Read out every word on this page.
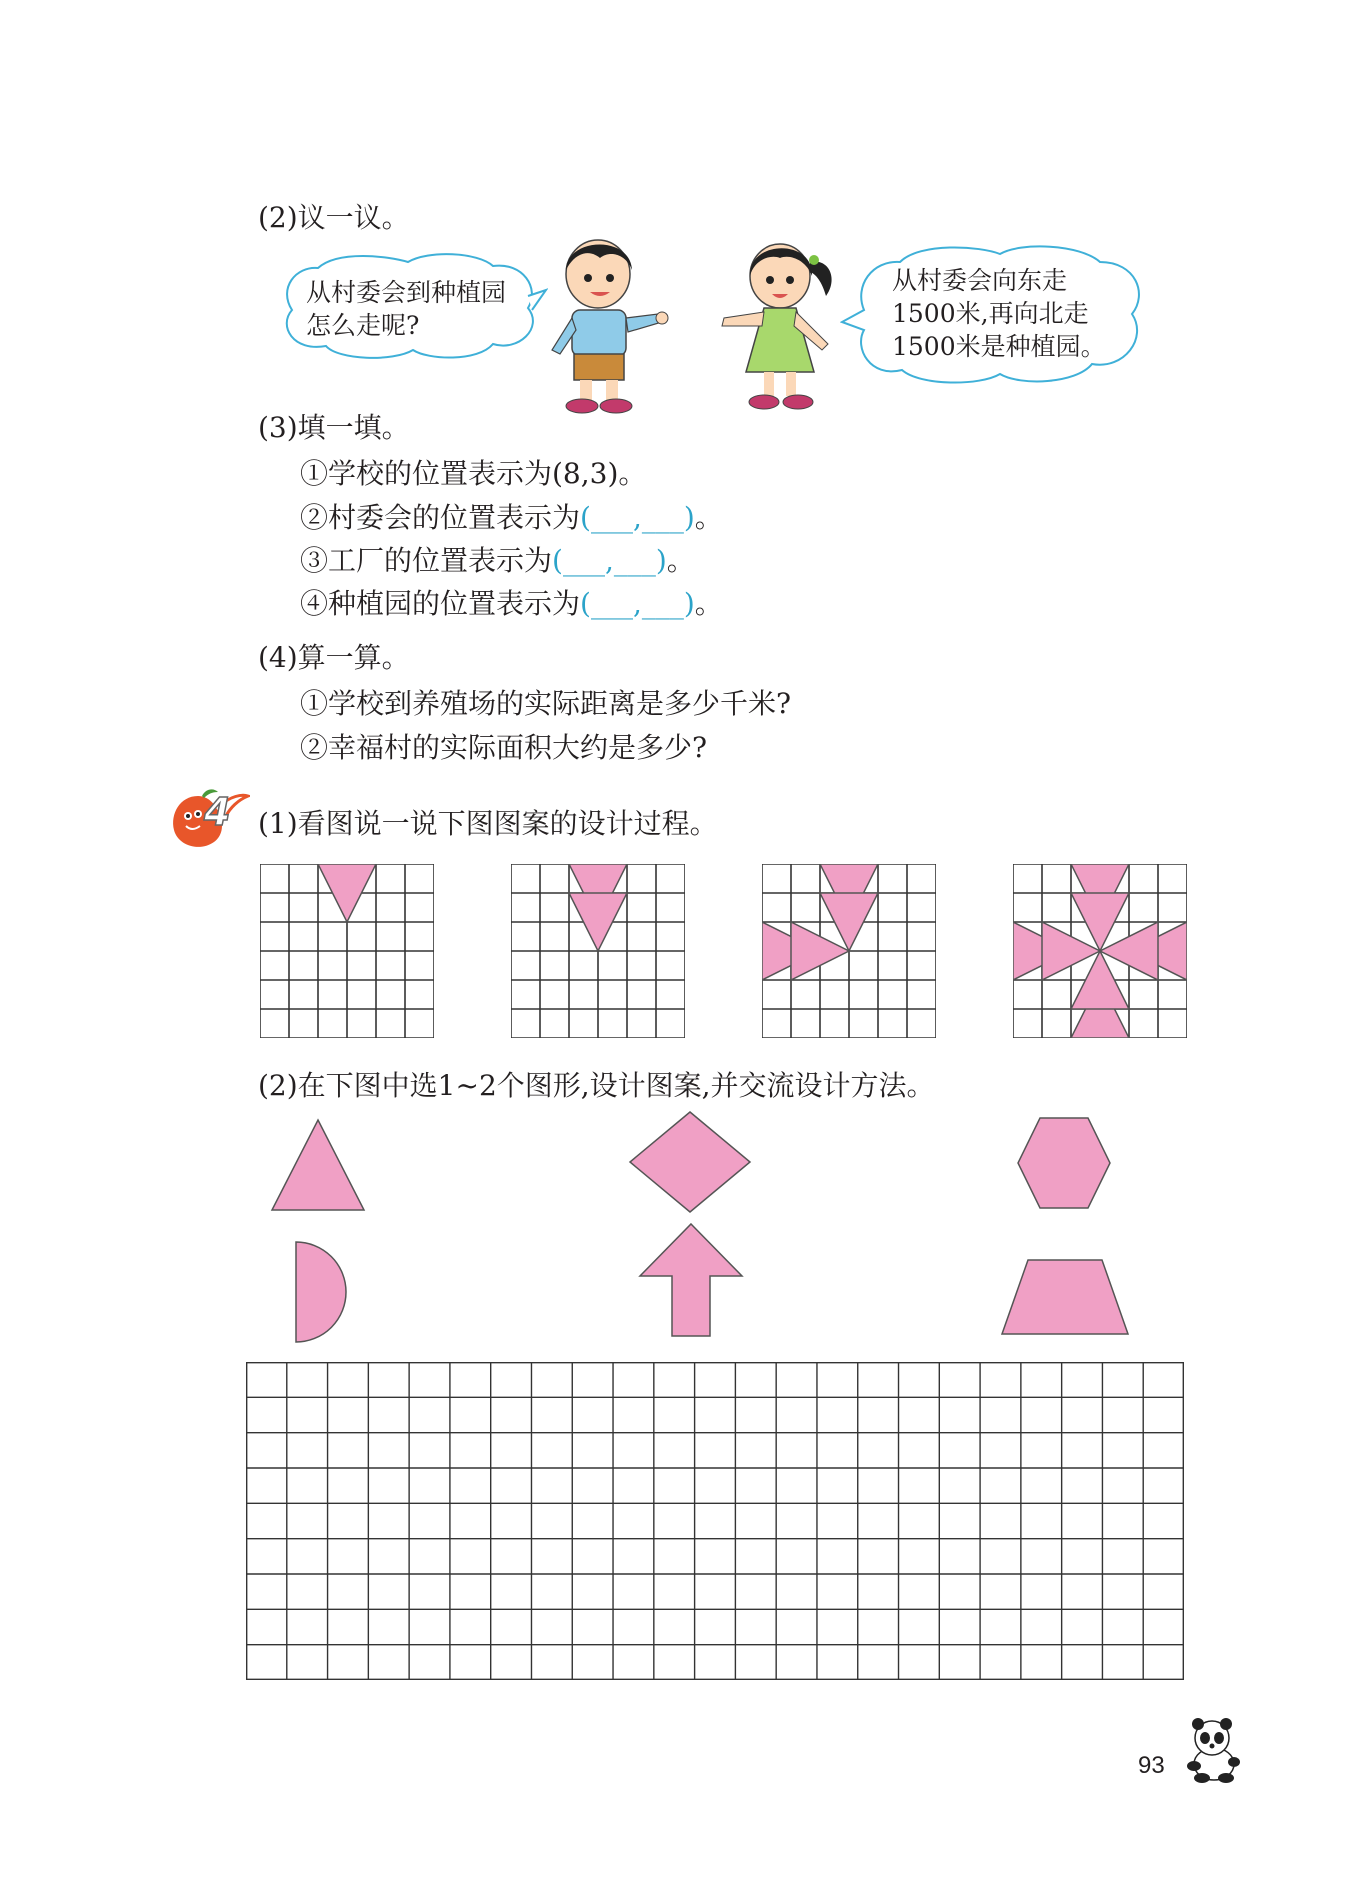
(2)议一议。
从村委会到种植园
怎么走呢?
从村委会向东走
1500米,再向北走
1500米是种植园。
(3)填一填。
①学校的位置表示为(8,3)。
②村委会的位置表示为(___,___)。
③工厂的位置表示为(___,___)。
④种植园的位置表示为(___,___)。
(4)算一算。
①学校到养殖场的实际距离是多少千米?
②幸福村的实际面积大约是多少?
4 (1)看图说一说下图图案的设计过程。
(2)在下图中选1~2个图形,设计图案,并交流设计方法。
93
